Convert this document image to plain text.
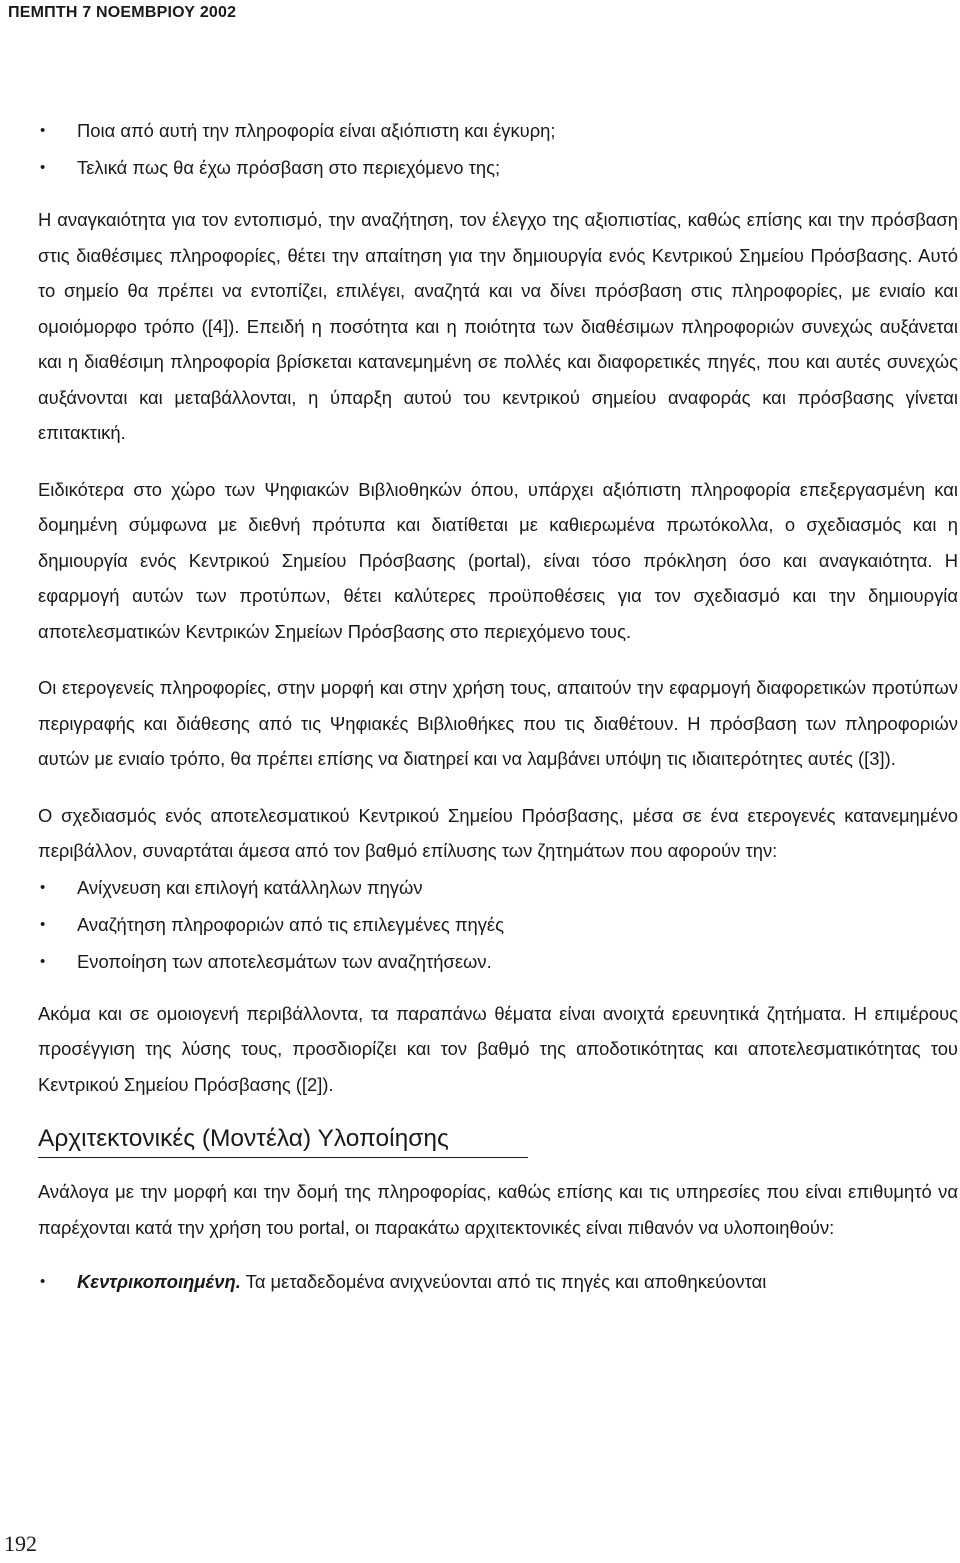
ΠΕΜΠΤΗ 7 ΝΟΕΜΒΡΙΟΥ 2002
• Ποια από αυτή την πληροφορία είναι αξιόπιστη και έγκυρη;
• Τελικά πως θα έχω πρόσβαση στο περιεχόμενο της;

Η αναγκαιότητα για τον εντοπισμό, την αναζήτηση, τον έλεγχο της αξιοπιστίας, καθώς επίσης και την πρόσβαση στις διαθέσιμες πληροφορίες, θέτει την απαίτηση για την δημιουργία ενός Κεντρικού Σημείου Πρόσβασης. Αυτό το σημείο θα πρέπει να εντοπίζει, επιλέγει, αναζητά και να δίνει πρόσβαση στις πληροφορίες, με ενιαίο και ομοιόμορφο τρόπο ([4]). Επειδή η ποσότητα και η ποιότητα των διαθέσιμων πληροφοριών συνεχώς αυξάνεται και η διαθέσιμη πληροφορία βρίσκεται κατανεμημένη σε πολλές και διαφορετικές πηγές, που και αυτές συνεχώς αυξάνονται και μεταβάλλονται, η ύπαρξη αυτού του κεντρικού σημείου αναφοράς και πρόσβασης γίνεται επιτακτική.

Ειδικότερα στο χώρο των Ψηφιακών Βιβλιοθηκών όπου, υπάρχει αξιόπιστη πληροφορία επεξεργασμένη και δομημένη σύμφωνα με διεθνή πρότυπα και διατίθεται με καθιερωμένα πρωτόκολλα, ο σχεδιασμός και η δημιουργία ενός Κεντρικού Σημείου Πρόσβασης (portal), είναι τόσο πρόκληση όσο και αναγκαιότητα. Η εφαρμογή αυτών των προτύπων, θέτει καλύτερες προϋποθέσεις για τον σχεδιασμό και την δημιουργία αποτελεσματικών Κεντρικών Σημείων Πρόσβασης στο περιεχόμενο τους.

Οι ετερογενείς πληροφορίες, στην μορφή και στην χρήση τους, απαιτούν την εφαρμογή διαφορετικών προτύπων περιγραφής και διάθεσης από τις Ψηφιακές Βιβλιοθήκες που τις διαθέτουν. Η πρόσβαση των πληροφοριών αυτών με ενιαίο τρόπο, θα πρέπει επίσης να διατηρεί και να λαμβάνει υπόψη τις ιδιαιτερότητες αυτές ([3]).

Ο σχεδιασμός ενός αποτελεσματικού Κεντρικού Σημείου Πρόσβασης, μέσα σε ένα ετερογενές κατανεμημένο περιβάλλον, συναρτάται άμεσα από τον βαθμό επίλυσης των ζητημάτων που αφορούν την:

• Ανίχνευση και επιλογή κατάλληλων πηγών
• Αναζήτηση πληροφοριών από τις επιλεγμένες πηγές
• Ενοποίηση των αποτελεσμάτων των αναζητήσεων.

Ακόμα και σε ομοιογενή περιβάλλοντα, τα παραπάνω θέματα είναι ανοιχτά ερευνητικά ζητήματα. Η επιμέρους προσέγγιση της λύσης τους, προσδιορίζει και τον βαθμό της αποδοτικότητας και αποτελεσματικότητας του Κεντρικού Σημείου Πρόσβασης ([2]).

Αρχιτεκτονικές (Μοντέλα) Υλοποίησης

Ανάλογα με την μορφή και την δομή της πληροφορίας, καθώς επίσης και τις υπηρεσίες που είναι επιθυμητό να παρέχονται κατά την χρήση του portal, οι παρακάτω αρχιτεκτονικές είναι πιθανόν να υλοποιηθούν:

• Κεντρικοποιημένη. Τα μεταδεδομένα ανιχνεύονται από τις πηγές και αποθηκεύονται
192
